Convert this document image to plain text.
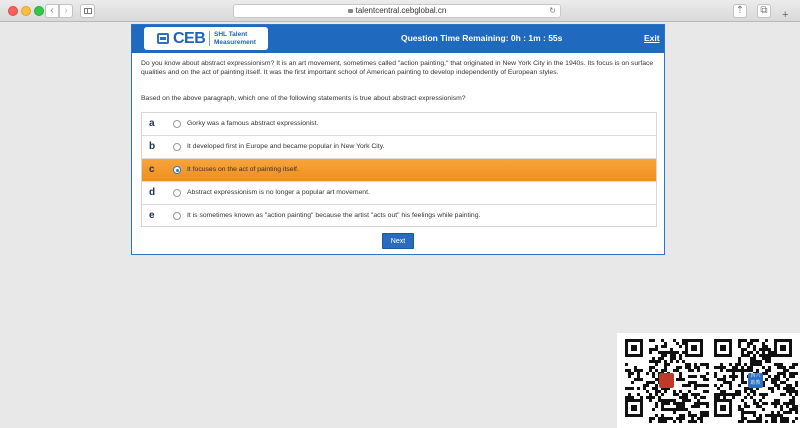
‹	›	talentcentral.cebglobal.cn	↻	⇡	⧉	+
CEB SHL Talent Measurement	Question Time Remaining: 0h : 1m : 55s	Exit
Do you know about abstract expressionism? It is an art movement, sometimes called "action painting," that originated in New York City in the 1940s. Its focus is on surface qualities and on the act of painting itself. It was the first important school of American painting to develop independently of European styles.
Based on the above paragraph, which one of the following statements is true about abstract expressionism?
a	Gorky was a famous abstract expressionist.
b	It developed first in Europe and became popular in New York City.
c	It focuses on the act of painting itself.
d	Abstract expressionism is no longer a popular art movement.
e	It is sometimes known as "action painting" because the artist "acts out" his feelings while painting.
Next
四六 助教
